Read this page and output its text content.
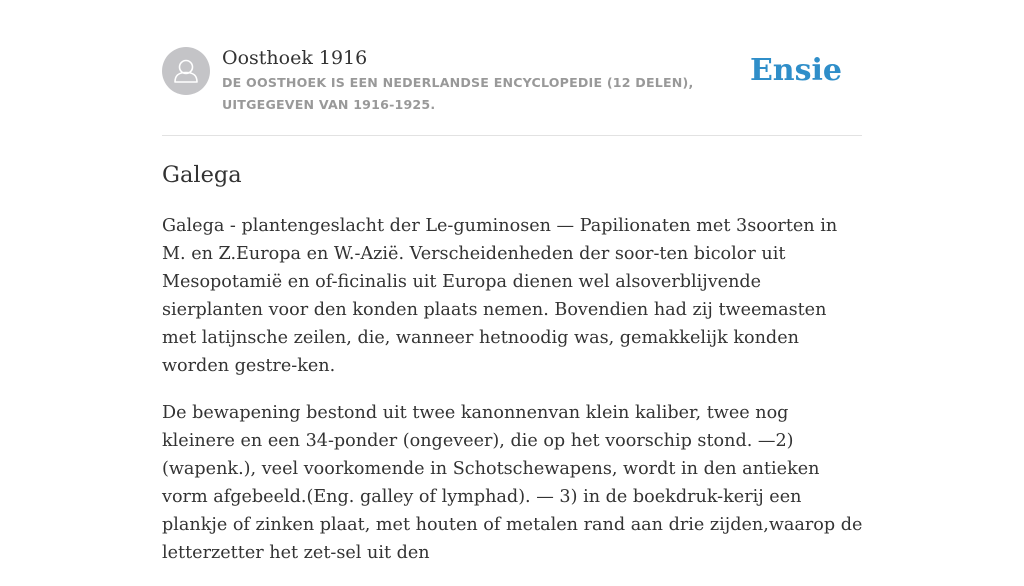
Oosthoek 1916
DE OOSTHOEK IS EEN NEDERLANDSE ENCYCLOPEDIE (12 DELEN), UITGEGEVEN VAN 1916-1925.
Ensie
Galega

Galega - plantengeslacht der Le-guminosen — Papilionaten met 3soorten in M. en Z.Europa en W.-Azië. Verscheidenheden der soor-ten bicolor uit Mesopotamië en of-ficinalis uit Europa dienen wel alsoverblijvende sierplanten voor den konden plaats nemen. Bovendien had zij tweemasten met latijnsche zeilen, die, wanneer hetnoodig was, gemakkelijk konden worden gestre-ken.

De bewapening bestond uit twee kanonnenvan klein kaliber, twee nog kleinere en een 34-ponder (ongeveer), die op het voorschip stond. —2) (wapenk.), veel voorkomende in Schotschewapens, wordt in den antieken vorm afgebeeld.(Eng. galley of lymphad). — 3) in de boekdruk-kerij een plankje of zinken plaat, met houten of metalen rand aan drie zijden,waarop de letterzetter het zet-sel uit den
